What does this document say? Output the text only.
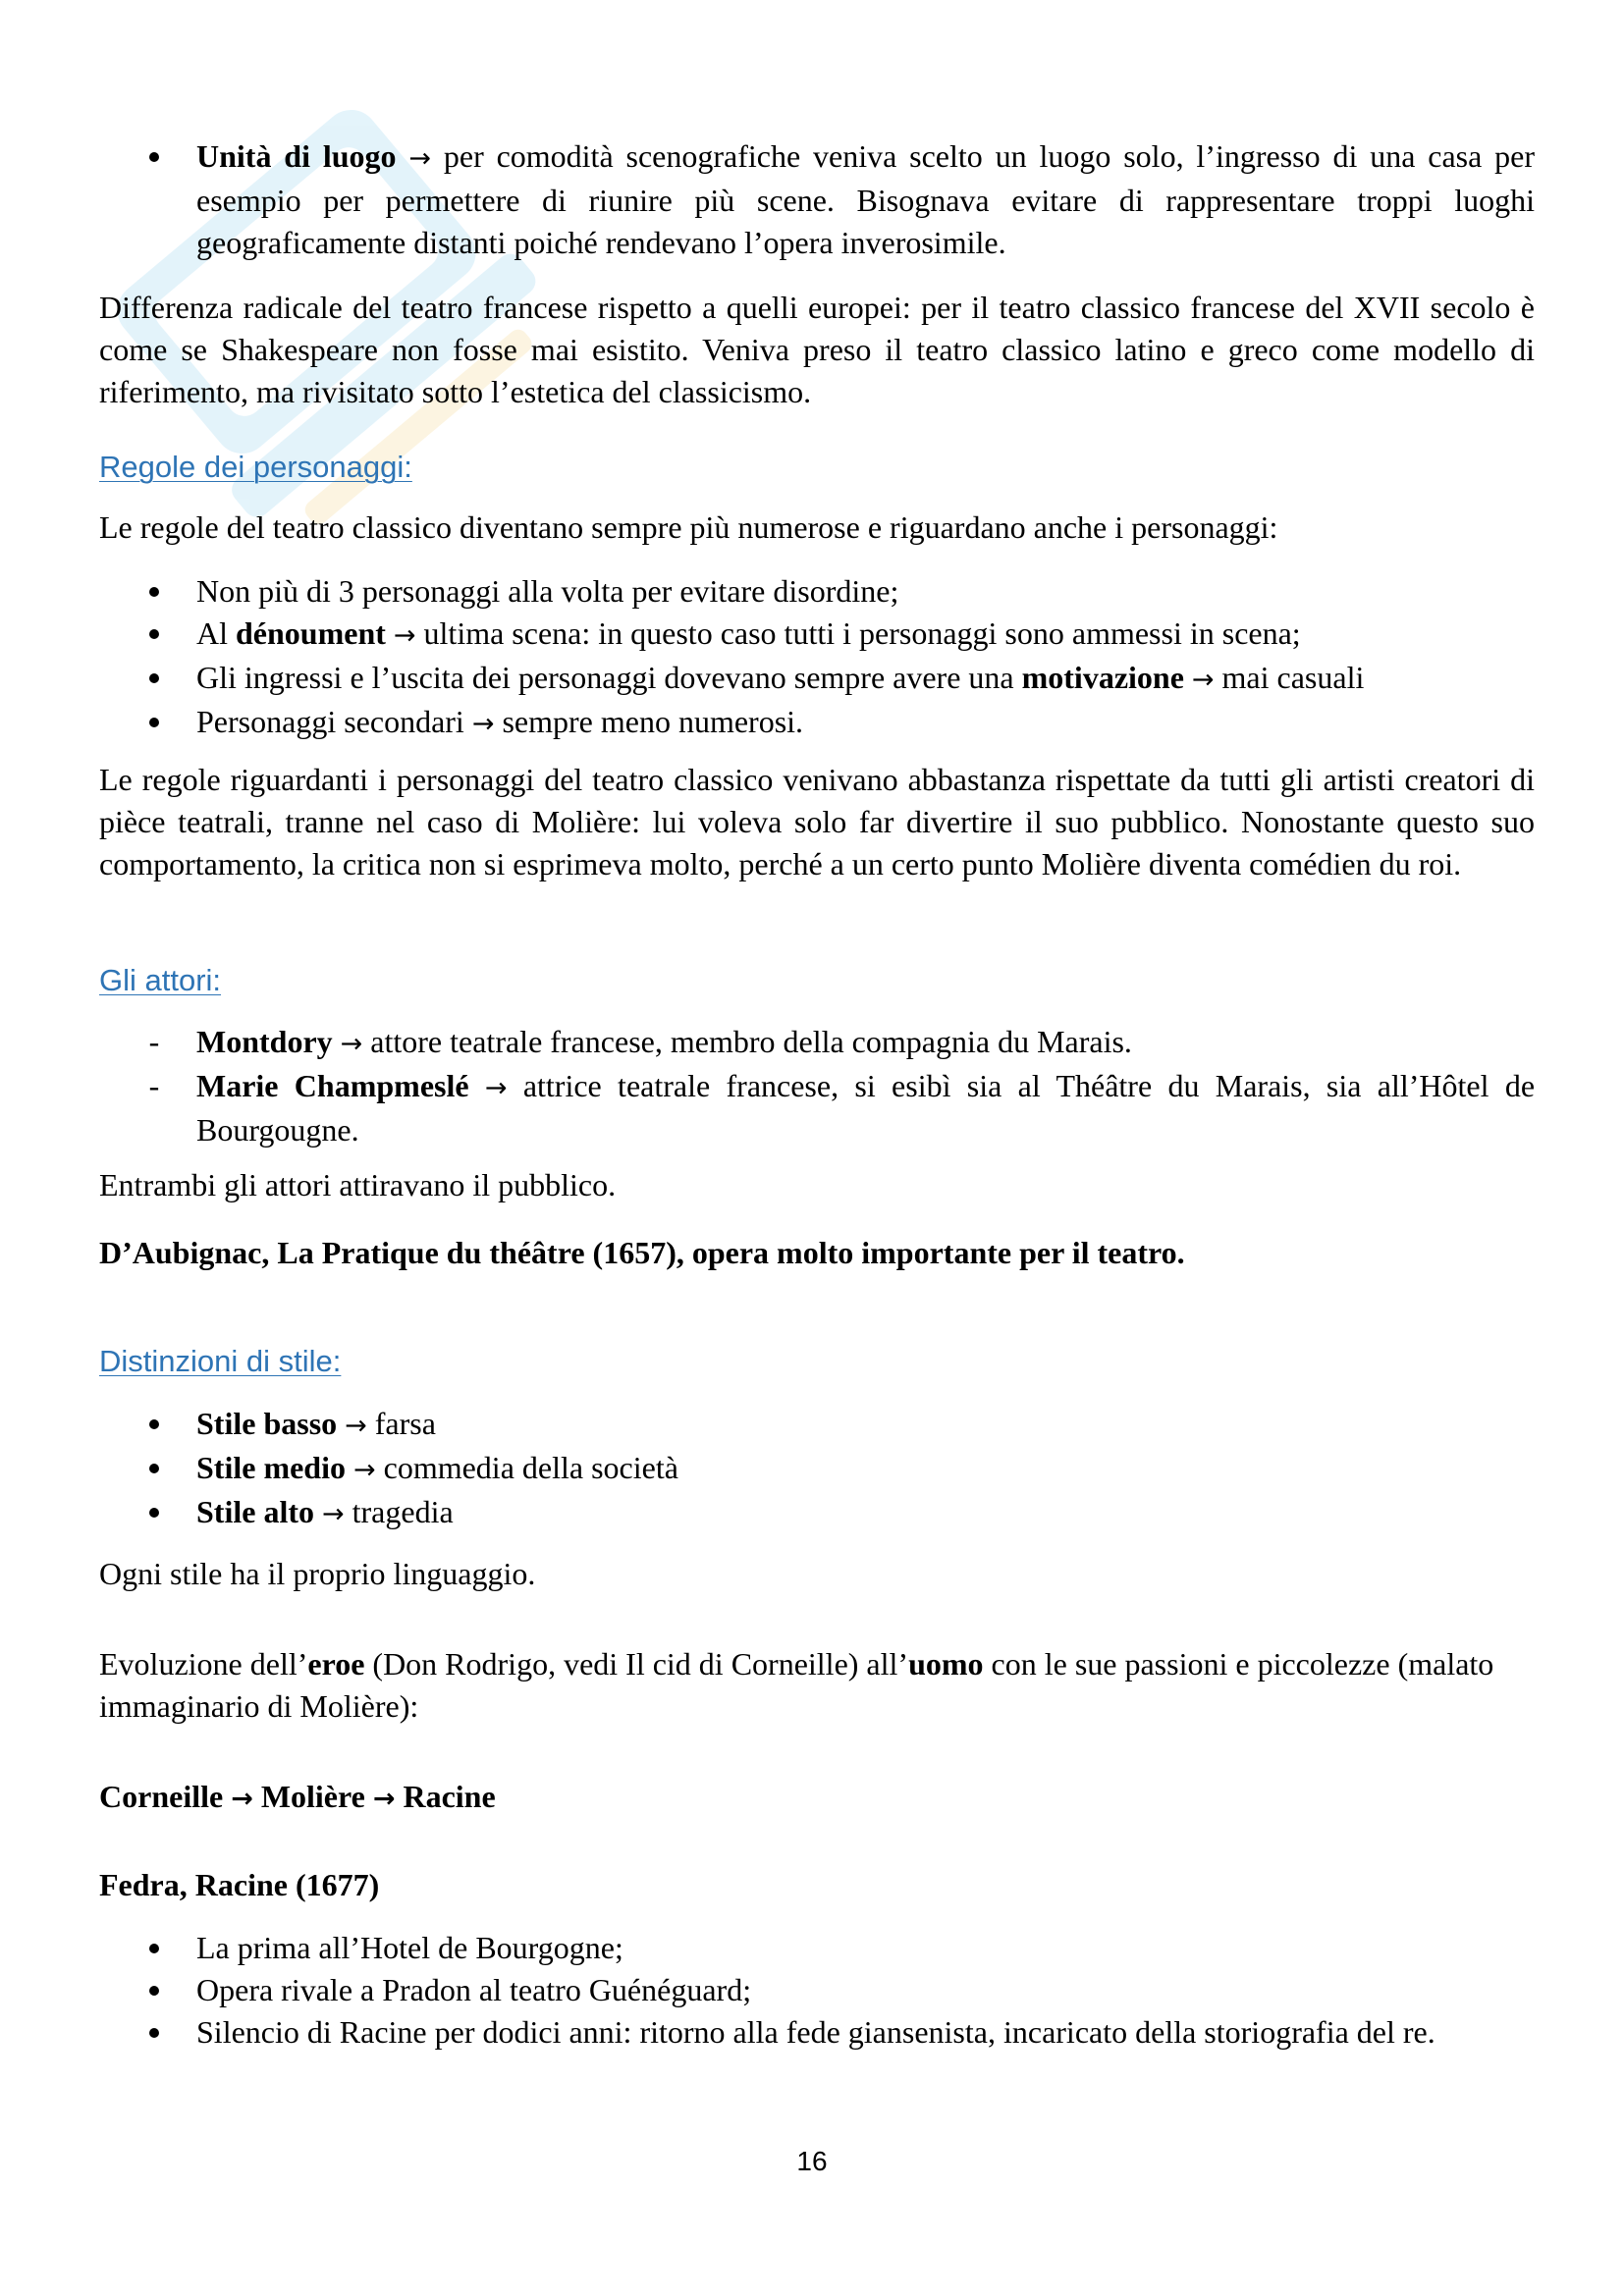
Unità di luogo → per comodità scenografiche veniva scelto un luogo solo, l’ingresso di una casa per esempio per permettere di riunire più scene. Bisognava evitare di rappresentare troppi luoghi geograficamente distanti poiché rendevano l’opera inverosimile.

Differenza radicale del teatro francese rispetto a quelli europei: per il teatro classico francese del XVII secolo è come se Shakespeare non fosse mai esistito. Veniva preso il teatro classico latino e greco come modello di riferimento, ma rivisitato sotto l’estetica del classicismo.

Regole dei personaggi:

Le regole del teatro classico diventano sempre più numerose e riguardano anche i personaggi:

Non più di 3 personaggi alla volta per evitare disordine;
Al dénoument → ultima scena: in questo caso tutti i personaggi sono ammessi in scena;
Gli ingressi e l’uscita dei personaggi dovevano sempre avere una motivazione → mai casuali
Personaggi secondari → sempre meno numerosi.

Le regole riguardanti i personaggi del teatro classico venivano abbastanza rispettate da tutti gli artisti creatori di pièce teatrali, tranne nel caso di Molière: lui voleva solo far divertire il suo pubblico. Nonostante questo suo comportamento, la critica non si esprimeva molto, perché a un certo punto Molière diventa comédien du roi.

Gli attori:
- Montdory → attore teatrale francese, membro della compagnia du Marais.
- Marie Champmeslé → attrice teatrale francese, si esibì sia al Théâtre du Marais, sia all’Hôtel de Bourgougne.

Entrambi gli attori attiravano il pubblico.

D’Aubignac, La Pratique du théâtre (1657), opera molto importante per il teatro.

Distinzioni di stile:
Stile basso → farsa
Stile medio → commedia della società
Stile alto → tragedia

Ogni stile ha il proprio linguaggio.

Evoluzione dell’eroe (Don Rodrigo, vedi Il cid di Corneille) all’uomo con le sue passioni e piccolezze (malato immaginario di Molière):

Corneille → Molière → Racine

Fedra, Racine (1677)

La prima all’Hotel de Bourgogne;
Opera rivale a Pradon al teatro Guénéguard;
Silencio di Racine per dodici anni: ritorno alla fede giansenista, incaricato della storiografia del re.
16
